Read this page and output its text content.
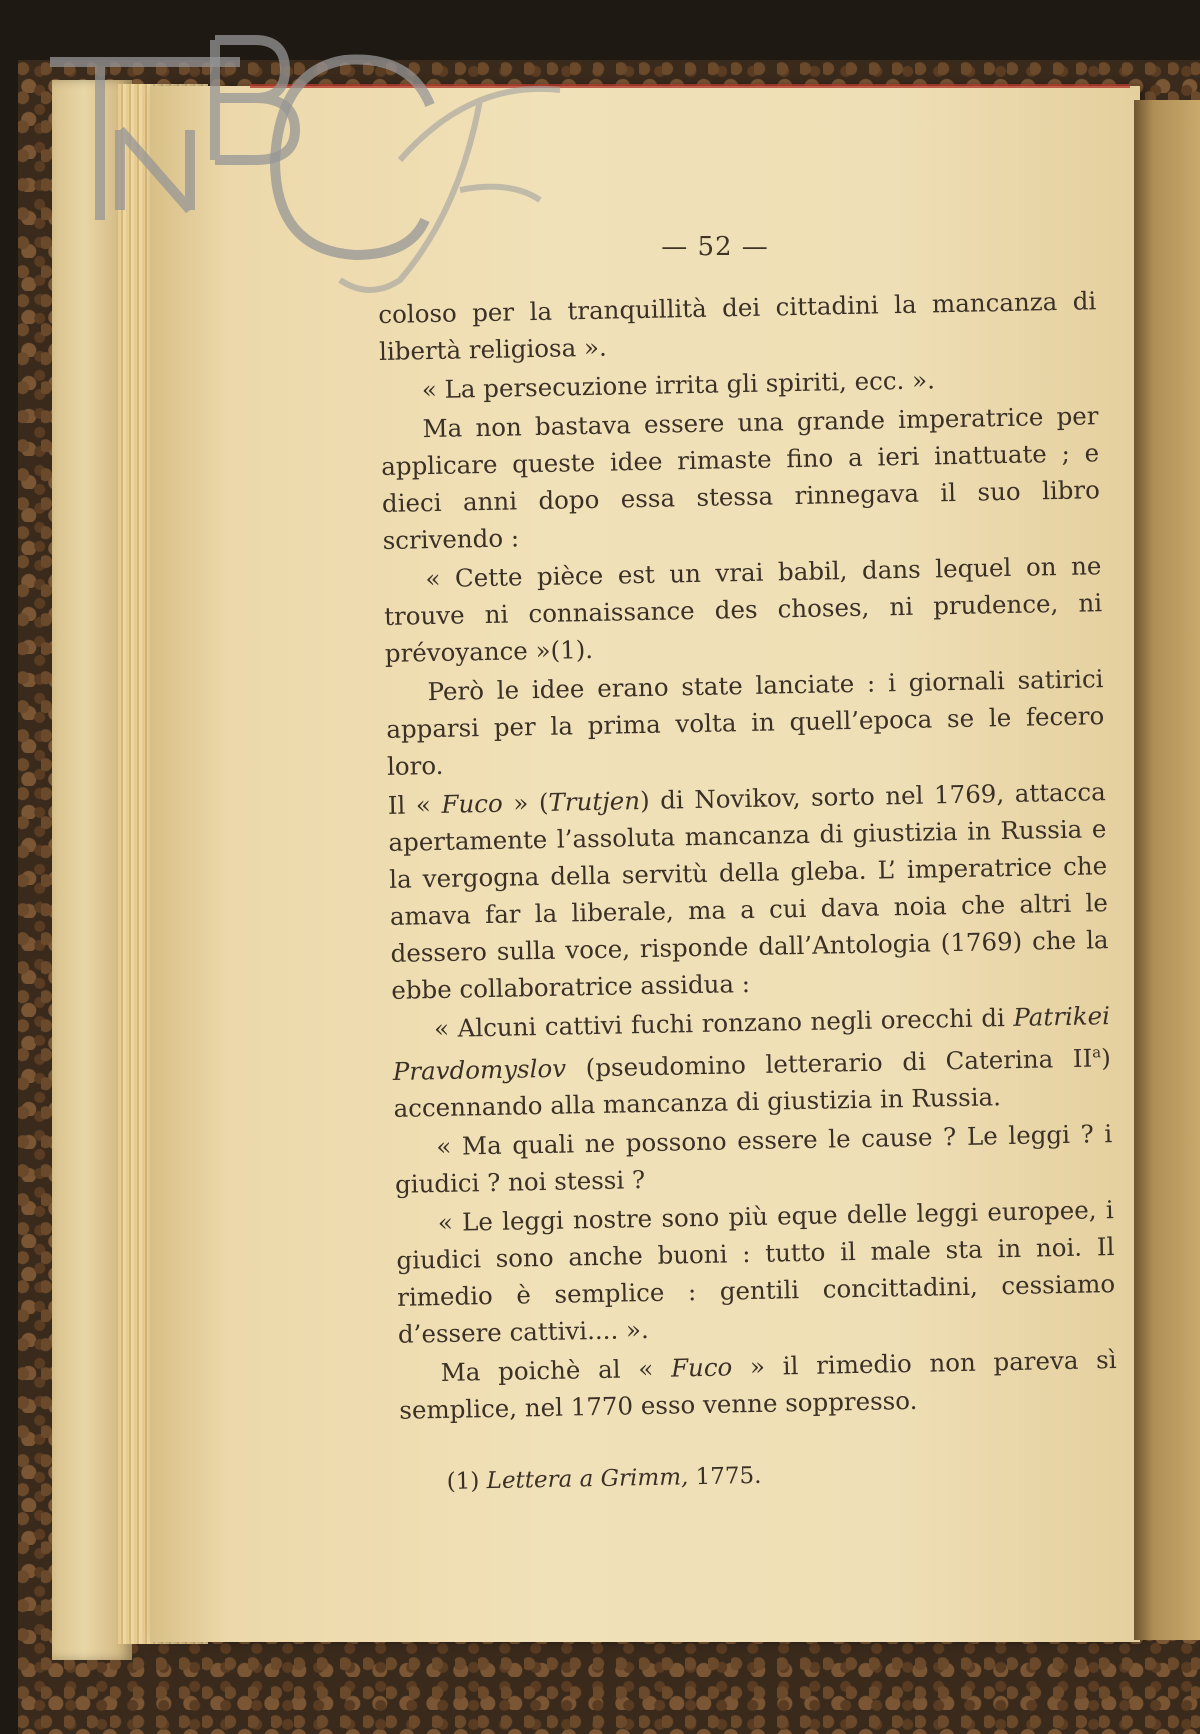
— 52 —

coloso per la tranquillità dei cittadini la mancanza di libertà religiosa ».

« La persecuzione irrita gli spiriti, ecc. ».

Ma non bastava essere una grande imperatrice per applicare queste idee rimaste fino a ieri inattuate ; e dieci anni dopo essa stessa rinnegava il suo libro scrivendo :

« Cette pièce est un vrai babil, dans lequel on ne trouve ni connaissance des choses, ni prudence, ni prévoyance »(1).

Però le idee erano state lanciate : i giornali satirici apparsi per la prima volta in quell’epoca se le fecero loro.

Il « Fuco » (Trutjen) di Novikov, sorto nel 1769, attacca apertamente l’assoluta mancanza di giustizia in Russia e la vergogna della servitù della gleba. L’ imperatrice che amava far la liberale, ma a cui dava noia che altri le dessero sulla voce, risponde dall’Antologia (1769) che la ebbe collaboratrice assidua :

« Alcuni cattivi fuchi ronzano negli orecchi di Patrikei Pravdomyslov (pseudomino letterario di Caterina $II^a$) accennando alla mancanza di giustizia in Russia.

« Ma quali ne possono essere le cause ? Le leggi ? i giudici ? noi stessi ?

« Le leggi nostre sono più eque delle leggi europee, i giudici sono anche buoni : tutto il male sta in noi. Il rimedio è semplice : gentili concittadini, cessiamo d’essere cattivi.... ».

Ma poichè al « Fuco » il rimedio non pareva sì semplice, nel 1770 esso venne soppresso.

(1) Lettera a Grimm, 1775.
